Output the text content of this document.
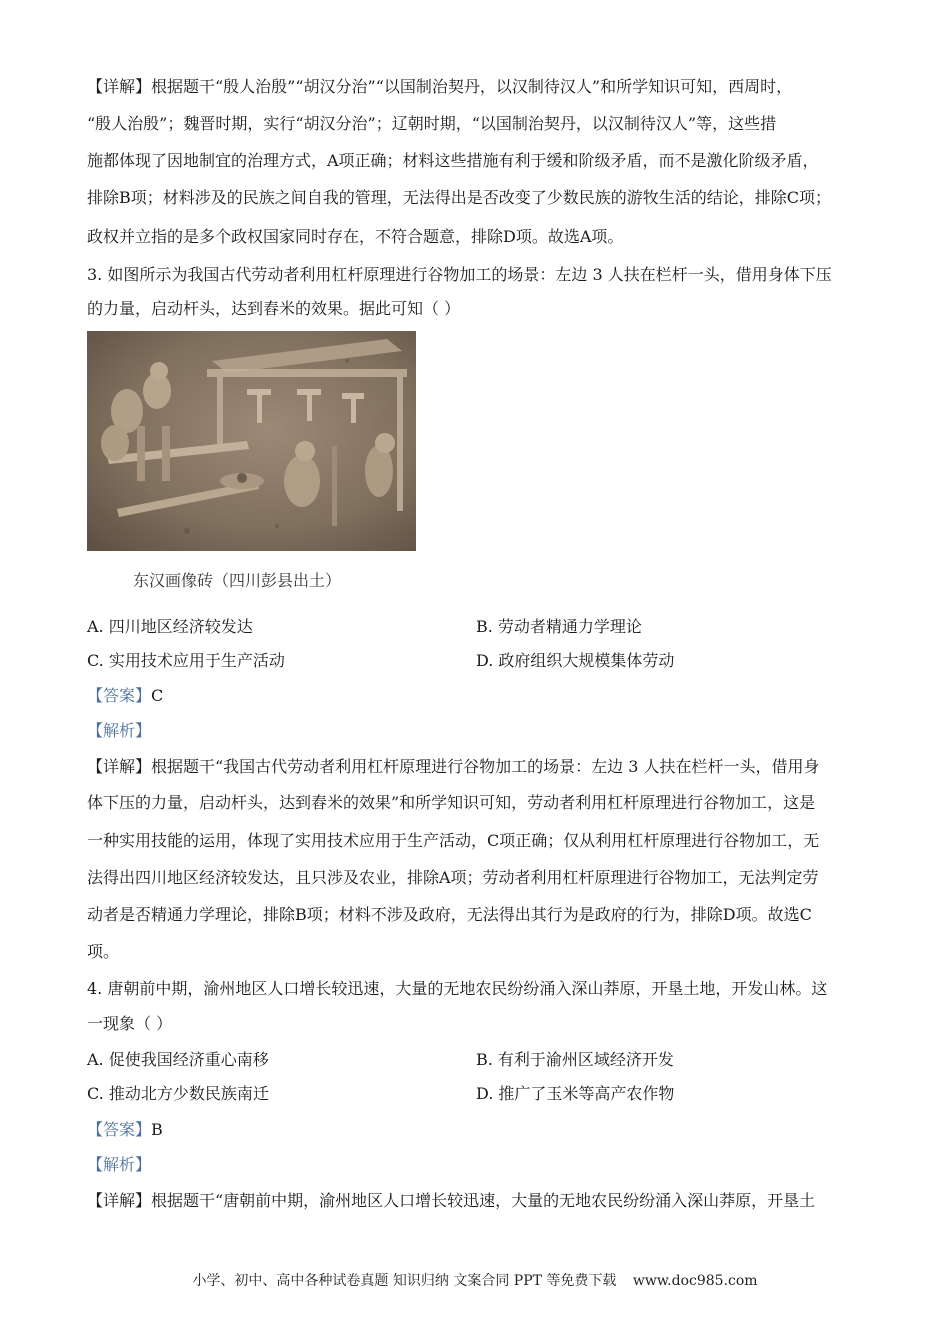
【详解】根据题干“殷人治殷”“胡汉分治”“以国制治契丹，以汉制待汉人”和所学知识可知，西周时，
“殷人治殷”；魏晋时期，实行“胡汉分治”；辽朝时期，“以国制治契丹，以汉制待汉人”等，这些措
施都体现了因地制宜的治理方式，A项正确；材料这些措施有利于缓和阶级矛盾，而不是激化阶级矛盾，
排除B项；材料涉及的民族之间自我的管理，无法得出是否改变了少数民族的游牧生活的结论，排除C项；
政权并立指的是多个政权国家同时存在，不符合题意，排除D项。故选A项。
3. 如图所示为我国古代劳动者利用杠杆原理进行谷物加工的场景：左边 3 人扶在栏杆一头，借用身体下压
的力量，启动杆头，达到舂米的效果。据此可知（ ）
东汉画像砖（四川彭县出土）
A. 四川地区经济较发达	B. 劳动者精通力学理论
C. 实用技术应用于生产活动	D. 政府组织大规模集体劳动
【答案】C
【解析】
【详解】根据题干“我国古代劳动者利用杠杆原理进行谷物加工的场景：左边 3 人扶在栏杆一头，借用身
体下压的力量，启动杆头，达到舂米的效果”和所学知识可知，劳动者利用杠杆原理进行谷物加工，这是
一种实用技能的运用，体现了实用技术应用于生产活动，C项正确；仅从利用杠杆原理进行谷物加工，无
法得出四川地区经济较发达，且只涉及农业，排除A项；劳动者利用杠杆原理进行谷物加工，无法判定劳
动者是否精通力学理论，排除B项；材料不涉及政府，无法得出其行为是政府的行为，排除D项。故选C
项。
4. 唐朝前中期，渝州地区人口增长较迅速，大量的无地农民纷纷涌入深山莽原，开垦土地，开发山林。这
一现象（ ）
A. 促使我国经济重心南移	B. 有利于渝州区域经济开发
C. 推动北方少数民族南迁	D. 推广了玉米等高产农作物
【答案】B
【解析】
【详解】根据题干“唐朝前中期，渝州地区人口增长较迅速，大量的无地农民纷纷涌入深山莽原，开垦土
小学、初中、高中各种试卷真题 知识归纳 文案合同 PPT 等免费下载 www.doc985.com
